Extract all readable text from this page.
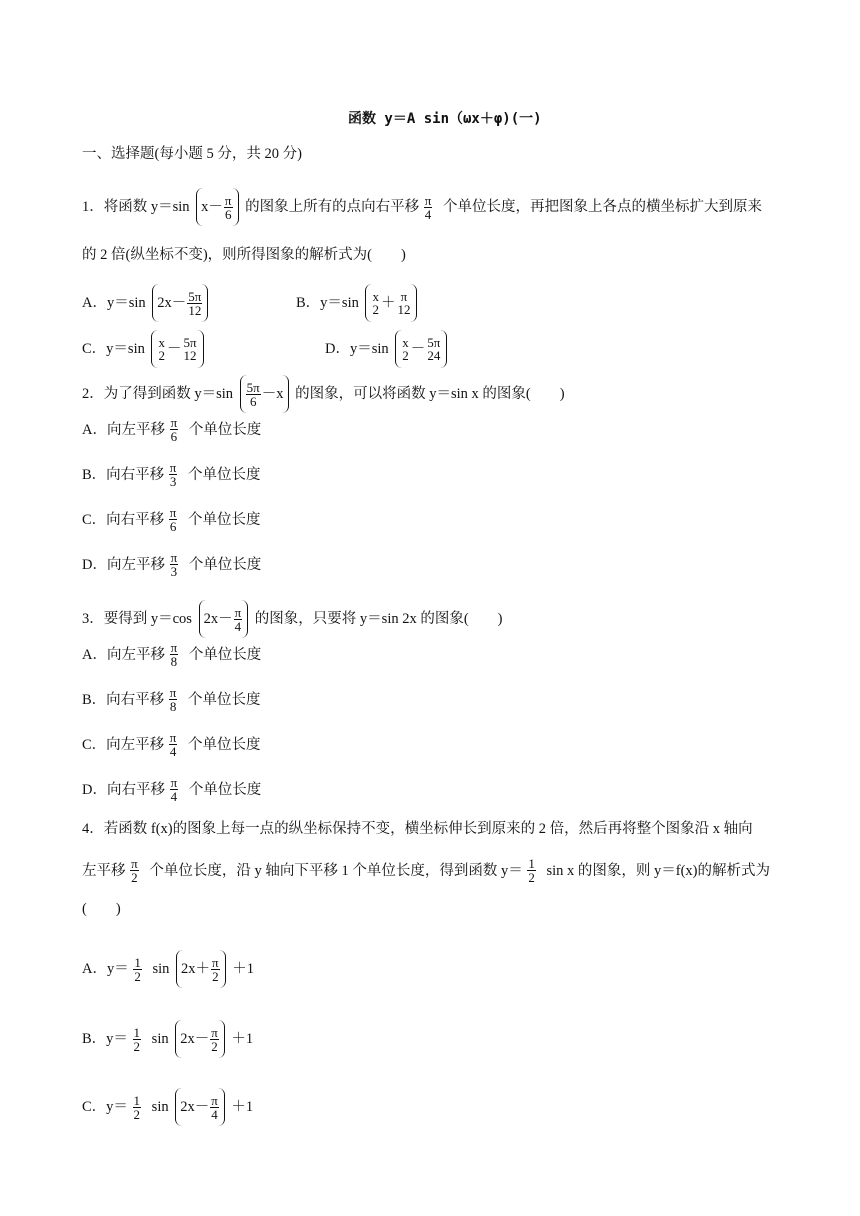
函数 y＝A sin（ωx＋φ)(一)
一、选择题(每小题 5 分，共 20 分)
1．将函数 y＝sin $x- \frac{\pi}{6}$ 的图象上所有的点向右平移 $\frac{\pi}{4}$ 个单位长度，再把图象上各点的横坐标扩大到原来
的 2 倍(纵坐标不变)，则所得图象的解析式为(　　)
A．y＝sin $2x- \frac{5\pi}{12}$	B．y＝sin x
2 ＋ π
12
C．y＝sin x
2 － 5π
12	D．y＝sin x
2 － 5π
24
2．为了得到函数 $y=\sin \frac{5\pi}{6} -x$ 的图象，可以将函数 y＝sin x 的图象(　　)
A．向左平移 $\frac{\pi}{6}$ 个单位长度
B．向右平移 $\frac{\pi}{3}$ 个单位长度
C．向右平移 $\frac{\pi}{6}$ 个单位长度
D．向左平移 $\frac{\pi}{3}$ 个单位长度
3．要得到 y＝cos $2x- \frac{\pi}{4}$ 的图象，只要将 y＝sin 2x 的图象(　　)
A．向左平移 $\frac{\pi}{8}$ 个单位长度
B．向右平移 $\frac{\pi}{8}$ 个单位长度
C．向左平移 $\frac{\pi}{4}$ 个单位长度
D．向右平移 $\frac{\pi}{4}$ 个单位长度
4．若函数 f(x)的图象上每一点的纵坐标保持不变，横坐标伸长到原来的 2 倍，然后再将整个图象沿 x 轴向
左平移 $\frac{\pi}{2}$ 个单位长度，沿 y 轴向下平移 1 个单位长度，得到函数 $y= \frac{1}{2}$ sin x 的图象，则 y＝f(x)的解析式为
(　　)
A．$y= \frac{1}{2}$ $\sin 2x+ \frac{\pi}{2} +1$
B．$y= \frac{1}{2}$ $\sin 2x- \frac{\pi}{2} +1$
C．$y= \frac{1}{2}$ $\sin 2x- \frac{\pi}{4} +1$
